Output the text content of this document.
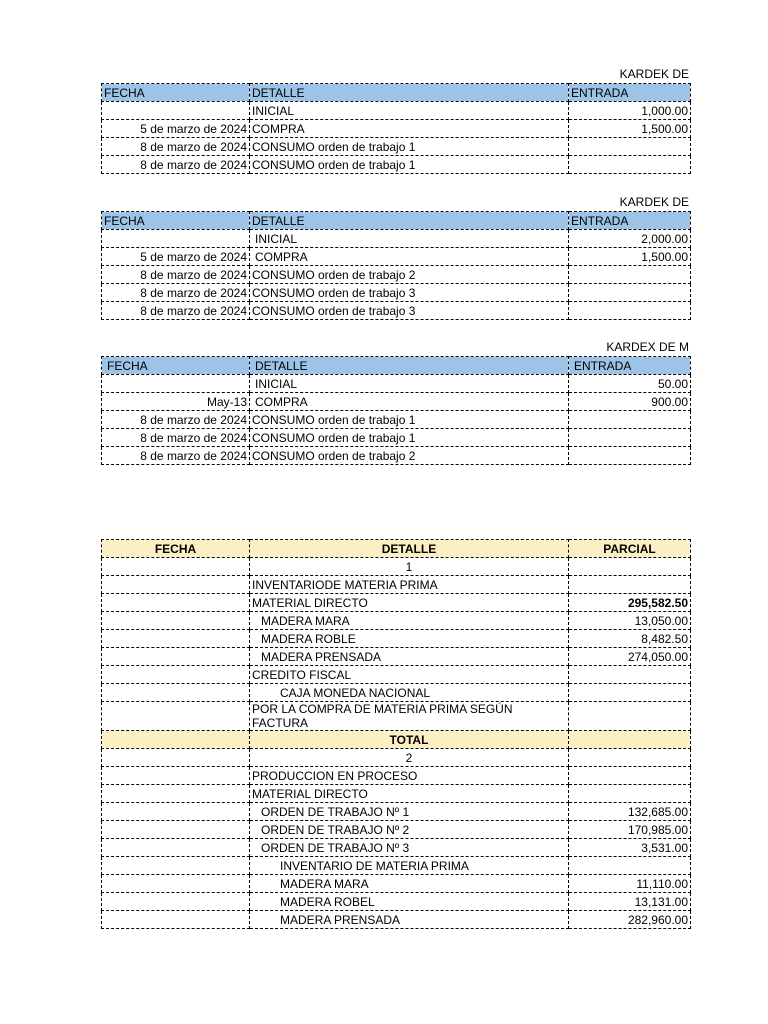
KARDEK DE
FECHA	DETALLE	ENTRADA
	INICIAL	1,000.00
5 de marzo de 2024	COMPRA	1,500.00
8 de marzo de 2024	CONSUMO orden de trabajo 1	
8 de marzo de 2024	CONSUMO orden de trabajo 1	
KARDEK DE
FECHA	DETALLE	ENTRADA
	INICIAL	2,000.00
5 de marzo de 2024	COMPRA	1,500.00
8 de marzo de 2024	CONSUMO orden de trabajo 2	
8 de marzo de 2024	CONSUMO orden de trabajo 3	
8 de marzo de 2024	CONSUMO orden de trabajo 3	
KARDEX DE M
FECHA	DETALLE	ENTRADA
	INICIAL	50.00
May-13	COMPRA	900.00
8 de marzo de 2024	CONSUMO orden de trabajo 1	
8 de marzo de 2024	CONSUMO orden de trabajo 1	
8 de marzo de 2024	CONSUMO orden de trabajo 2	
FECHA	DETALLE	PARCIAL
	1	
	INVENTARIODE MATERIA PRIMA	
	MATERIAL DIRECTO	295,582.50
	MADERA MARA	13,050.00
	MADERA ROBLE	8,482.50
	MADERA PRENSADA	274,050.00
	CREDITO FISCAL	
	CAJA MONEDA NACIONAL	
	POR LA COMPRA DE MATERIA PRIMA SEGÚN FACTURA	
	TOTAL	
	2	
	PRODUCCION EN PROCESO	
	MATERIAL DIRECTO	
	ORDEN DE TRABAJO Nº 1	132,685.00
	ORDEN DE TRABAJO Nº 2	170,985.00
	ORDEN DE TRABAJO Nº 3	3,531.00
	INVENTARIO DE MATERIA PRIMA	
	MADERA MARA	11,110.00
	MADERA ROBEL	13,131.00
	MADERA PRENSADA	282,960.00
